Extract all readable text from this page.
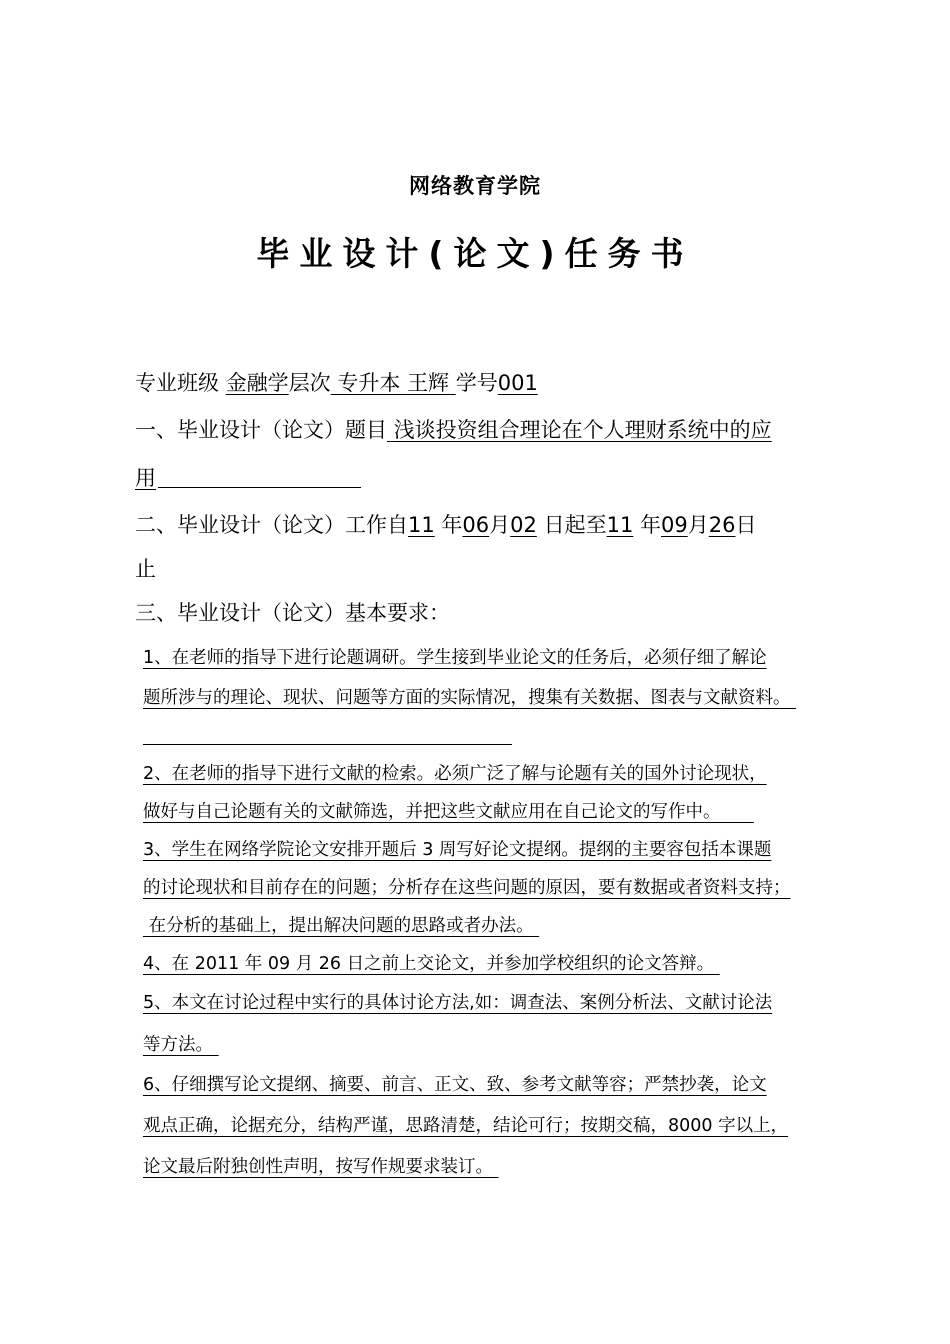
网络教育学院
毕业设计(论文)任务书
专业班级 金融学层次 专升本 王辉 学号001
一、毕业设计（论文）题目 浅谈投资组合理论在个人理财系统中的应
用
二、毕业设计（论文）工作自11 年06月02 日起至11 年09月26日
止
三、毕业设计（论文）基本要求：
1、在老师的指导下进行论题调研。学生接到毕业论文的任务后，必须仔细了解论
题所涉与的理论、现状、问题等方面的实际情况，搜集有关数据、图表与文献资料。
2、在老师的指导下进行文献的检索。必须广泛了解与论题有关的国外讨论现状，
做好与自己论题有关的文献筛选，并把这些文献应用在自己论文的写作中。
3、学生在网络学院论文安排开题后 3 周写好论文提纲。提纲的主要容包括本课题
的讨论现状和目前存在的问题；分析存在这些问题的原因，要有数据或者资料支持；
在分析的基础上，提出解决问题的思路或者办法。
4、在 2011 年 09 月 26 日之前上交论文，并参加学校组织的论文答辩。
5、本文在讨论过程中实行的具体讨论方法,如：调查法、案例分析法、文献讨论法
等方法。
6、仔细撰写论文提纲、摘要、前言、正文、致、参考文献等容；严禁抄袭，论文
观点正确，论据充分，结构严谨，思路清楚，结论可行；按期交稿，8000 字以上，
论文最后附独创性声明，按写作规要求装订。
